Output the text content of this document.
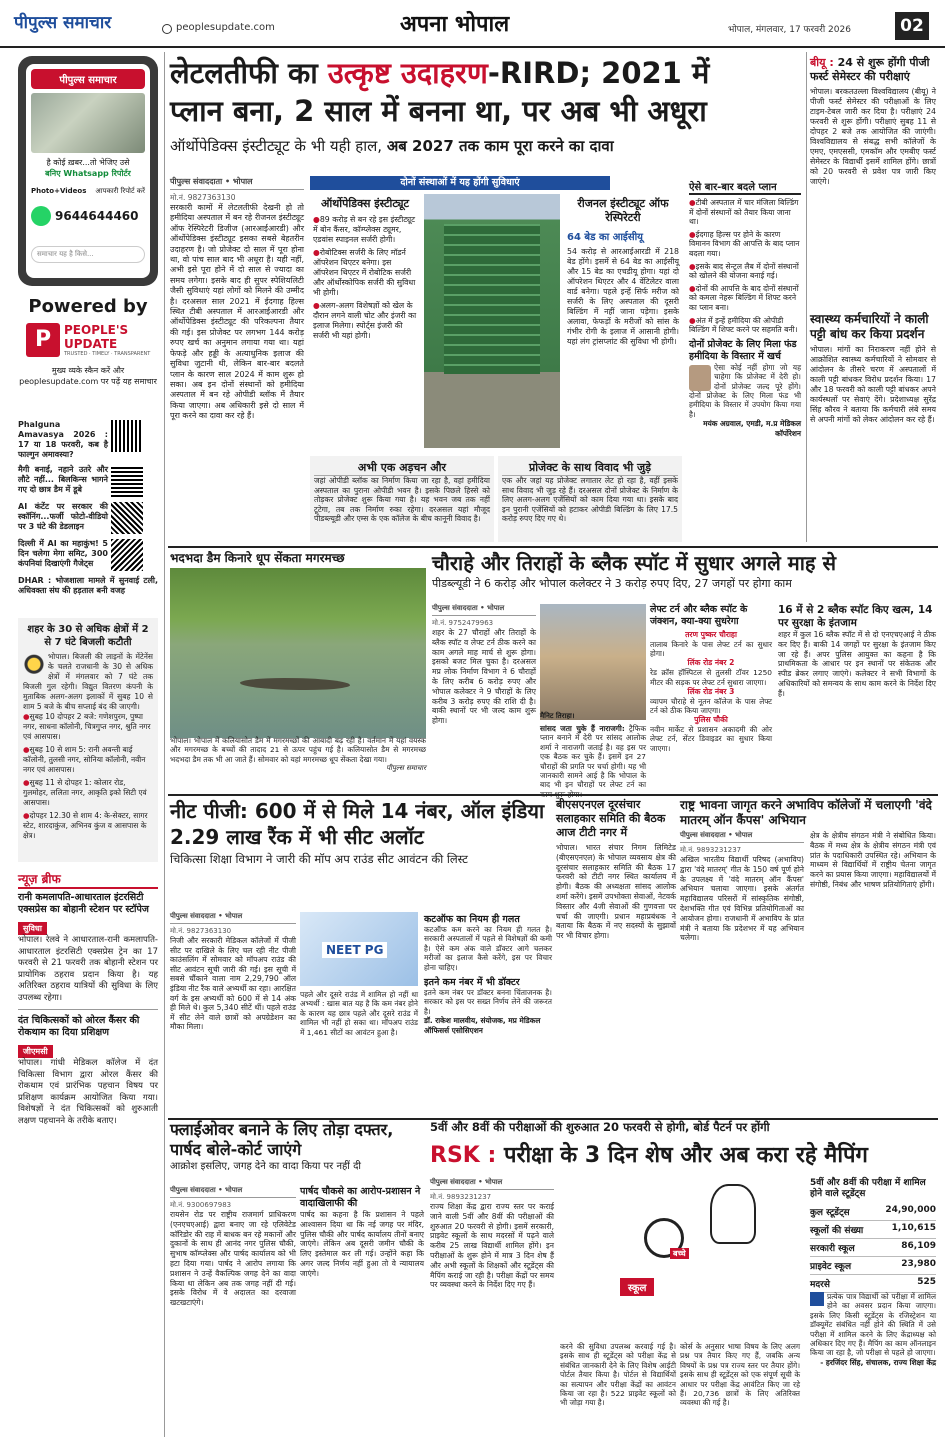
पीपुल्स समाचार	peoplesupdate.com	अपना भोपाल	भोपाल, मंगलवार, 17 फरवरी 2026	02
पीपुल्स समाचार
है कोई ख़बर...तो भेजिए उसे
बनिए Whatsapp रिपोर्टर
Photo+Videos आपकारी रिपोर्ट करें
9644644460
समाचार यह है किसे...
Powered by
P	PEOPLE'S
UPDATE
TRUSTED · TIMELY · TRANSPARENT
मुख्य व्यके स्कैन करें और peoplesupdate.com पर पढ़ें यह समाचार
Phalguna Amavasya 2026 : 17 या 18 फरवरी, कब है फाल्गुन अमावस्या?
मैगी बनाई, नहाने उतरे और लौटे नहीं... बिलकिन्स भागने गए दो छात्र डैम में डूबे
AI कंटेंट पर सरकार की स्कॉनिंग...फर्जी फोटो-वीडियो पर 3 घंटे की डेडलाइन
दिल्ली में AI का महाकुंभ! 5 दिन चलेगा मेगा समिट, 300 कंपनियां दिखाएंगी गैजेट्स
DHAR : भोजशाला मामले में सुनवाई टली, अधिवक्ता संघ की हड़ताल बनी वजह
शहर के 30 से अधिक क्षेत्रों में 2 से 7 घंटे बिजली कटौती
भोपाल। बिजली की लाइनों के मेंटेनेंस के चलते राजधानी के 30 से अधिक क्षेत्रों में मंगलवार को 7 घंटे तक बिजली गुल रहेगी। विद्युत वितरण कंपनी के मुताबिक अलग-अलग इलाकों में सुबह 10 से शाम 5 बजे के बीच सप्लाई बंद की जाएगी।
● सुबह 10 दोपहर 2 बजे: गणेशपुरम, पुष्पा नगर, साधना कॉलोनी, चित्रगुप्त नगर, श्रुति नगर एवं आसपास।
● सुबह 10 से शाम 5: रानी अवन्ती बाई कॉलोनी, तुलसी नगर, सोनिया कॉलोनी, नवीन नगर एवं आसपास।
● सुबह 11 से दोपहर 1: कोलार रोड, गुलमोहर, ललिता नगर, आकृति इको सिटी एवं आसपास।
● दोपहर 12.30 से शाम 4: के-सेक्टर, सागर स्टेट, शारदाकुंज, अभिनव कुंज व आसपास के क्षेत्र।
न्यूज़ ब्रीफ
रानी कमलापति-आधारताल इंटरसिटी एक्सप्रेस का बोहानी स्टेशन पर स्टॉपेज
सुविधा
भोपाल। रेलवे ने आधारताल-रानी कमलापति-आधारताल इंटरसिटी एक्सप्रेस ट्रेन का 17 फरवरी से 21 फरवरी तक बोहानी स्टेशन पर प्रायोगिक ठहराव प्रदान किया है। यह अतिरिक्त ठहराव यात्रियों की सुविधा के लिए उपलब्ध रहेगा।
दंत चिकित्सकों को ओरल कैंसर की रोकथाम का दिया प्रशिक्षण
जीएमसी
भोपाल। गांधी मेडिकल कॉलेज में दंत चिकित्सा विभाग द्वारा ओरल कैंसर की रोकथाम एवं प्रारंभिक पहचान विषय पर प्रशिक्षण कार्यक्रम आयोजित किया गया। विशेषज्ञों ने दंत चिकित्सकों को शुरुआती लक्षण पहचानने के तरीके बताए।
लेटलतीफी का उत्कृष्ट उदाहरण-RIRD; 2021 में
प्लान बना, 2 साल में बनना था, पर अब भी अधूरा
ऑर्थोपेडिक्स इंस्टीट्यूट के भी यही हाल, अब 2027 तक काम पूरा करने का दावा
पीपुल्स संवाददाता • भोपाल
मो.नं. 9827363130
सरकारी कामों में लेटलतीफी देखनी हो तो हमीदिया अस्पताल में बन रहे रीजनल इंस्टीट्यूट ऑफ रेस्पिरेटरी डिजीज (आरआईआरडी) और ऑर्थोपेडिक्स इंस्टीट्यूट इसका सबसे बेहतरीन उदाहरण है। जो प्रोजेक्ट दो साल में पूरा होना था, वो पांच साल बाद भी अधूरा है। यही नहीं, अभी इसे पूरा होने में दो साल से ज्यादा का समय लगेगा। इसके बाद ही सुपर स्पेशियलिटी जैसी सुविधाएं यहां लोगों को मिलने की उम्मीद है। दरअसल साल 2021 में ईदगाह हिल्स स्थित टीबी अस्पताल में आरआईआरडी और ऑर्थोपेडिक्स इंस्टीट्यूट की परिकल्पना तैयार की गई। इस प्रोजेक्ट पर लगभग 144 करोड़ रुपए खर्च का अनुमान लगाया गया था। यहां फेफड़े और हड्डी के अत्याधुनिक इलाज की सुविधा जुटानी थी, लेकिन बार-बार बदलते प्लान के कारण साल 2024 में काम शुरू हो सका। अब इन दोनों संस्थानों को हमीदिया अस्पताल में बन रहे ओपीडी ब्लॉक में तैयार किया जाएगा। अब अधिकारी इसे दो साल में पूरा करने का दावा कर रहे हैं।
दोनों संस्थाओं में यह होंगी सुविधाएं
ऑर्थोपेडिक्स इंस्टीट्यूट
● 89 करोड़ से बन रहे इस इंस्टीट्यूट में बोन कैंसर, कॉम्प्लेक्स ट्यूमर, एडवांस स्पाइनल सर्जरी होगी।
● रोबोटिक्स सर्जरी के लिए मॉडर्न ऑपरेशन थिएटर बनेगा। इस ऑपरेशन थिएटर में रोबोटिक सर्जरी और ऑर्थोस्कोपिक सर्जरी की सुविधा भी होगी।
● अलग-अलग विशेषज्ञों को खेल के दौरान लगने वाली चोट और इंजरी का इलाज मिलेगा। स्पोर्ट्स इंजरी की सर्जरी भी यहां होगी।
रीजनल इंस्टीट्यूट ऑफ रेस्पिरेटरी
64 बेड का आईसीयू
54 करोड़ से आरआईआरडी में 218 बेड होंगे। इसमें से 64 बेड का आईसीयू और 15 बेड का एचडीयू होगा। यहां दो ऑपरेशन थिएटर और 4 वेंटिलेटर वाला वार्ड बनेगा। पहले इन्हें सिर्फ मरीज को सर्जरी के लिए अस्पताल की दूसरी बिल्डिंग में नहीं जाना पड़ेगा। इसके अलावा, फेफड़ों के मरीजों को सांस के गंभीर रोगी के इलाज में आसानी होगी। यहां लंग ट्रांसप्लांट की सुविधा भी होगी।
अभी एक अड़चन और
जहां ओपीडी ब्लॉक का निर्माण किया जा रहा है, वहां हमीदिया अस्पताल का पुराना ओपीडी भवन है। इसके पिछले हिस्से को तोड़कर प्रोजेक्ट शुरू किया गया है। यह भवन जब तक नहीं टूटेगा, तब तक निर्माण रुका रहेगा। दरअसल यहां मौजूद पीडब्ल्यूडी और एम्स के एक कॉलेज के बीच कानूनी विवाद है।
प्रोजेक्ट के साथ विवाद भी जुड़े
एक और जहां यह प्रोजेक्ट लगातार लेट हो रहा है, वहीं इसके साथ विवाद भी जुड़ रहे हैं। दरअसल दोनों प्रोजेक्ट के निर्माण के लिए अलग-अलग एजेंसियों को काम दिया गया था। इसके बाद इन पुरानी एजेंसियों को हटाकर ओपीडी बिल्डिंग के लिए 17.5 करोड़ रुपए दिए गए थे।
ऐसे बार-बार बदले प्लान
● टीबी अस्पताल में चार मंजिला बिल्डिंग में दोनों संस्थानों को तैयार किया जाना था।
● ईदगाह हिल्स पर होने के कारण विमानन विभाग की आपत्ति के बाद प्लान बदला गया।
● इसके बाद सेन्ट्रल लैब में दोनों संस्थानों को खोलने की योजना बनाई गई।
● दोनों की आपत्ति के बाद दोनों संस्थानों को कमला नेहरू बिल्डिंग में शिफ्ट करने का प्लान बना।
● अंत में इन्हें हमीदिया की ओपीडी बिल्डिंग में शिफ्ट करने पर सहमति बनी।
दोनों प्रोजेक्ट के लिए मिला फंड हमीदिया के विस्तार में खर्च
ऐसा कोई नहीं होगा जो यह चाहेगा कि प्रोजेक्ट में देरी हो। दोनों प्रोजेक्ट जल्द पूरे होंगे। दोनों प्रोजेक्ट के लिए मिला फंड भी हमीदिया के विस्तार में उपयोग किया गया है।
मयंक अग्रवाल, एमडी, म.प्र मेडिकल कॉर्पोरेशन
बीयू : 24 से शुरू होंगी पीजी फर्स्ट सेमेस्टर की परीक्षाएं
भोपाल। बरकतउल्ला विश्वविद्यालय (बीयू) ने पीजी फर्स्ट सेमेस्टर की परीक्षाओं के लिए टाइम-टेबल जारी कर दिया है। परीक्षाएं 24 फरवरी से शुरू होंगी। परीक्षाएं सुबह 11 से दोपहर 2 बजे तक आयोजित की जाएंगी। विश्वविद्यालय से संबद्ध सभी कॉलेजों के एमए, एमएससी, एमकॉम और एमबीए फर्स्ट सेमेस्टर के विद्यार्थी इसमें शामिल होंगे। छात्रों को 20 फरवरी से प्रवेश पत्र जारी किए जाएंगे।
स्वास्थ्य कर्मचारियों ने काली पट्टी बांध कर किया प्रदर्शन
भोपाल। मांगों का निराकरण नहीं होने से आक्रोशित स्वास्थ्य कर्मचारियों ने सोमवार से आंदोलन के तीसरे चरण में अस्पतालों में काली पट्टी बांधकर विरोध प्रदर्शन किया। 17 और 18 फरवरी को काली पट्टी बांधकर अपने कार्यस्थलों पर सेवाएं देंगे। प्रदेशाध्यक्ष सुरेंद्र सिंह कौरव ने बताया कि कर्मचारी लंबे समय से अपनी मांगों को लेकर आंदोलन कर रहे हैं।
भदभदा डैम किनारे धूप सेंकता मगरमच्छ
भोपाल। भोपाल में कलियासोत डैम में मगरमच्छों की आबादी बढ़ रही है। वर्तमान में यहां वयस्क और मगरमच्छ के बच्चों की तादाद 21 से ऊपर पहुंच गई है। कलियासोत डैम से मगरमच्छ भदभदा डैम तक भी आ जाते हैं। सोमवार को यहां मगरमच्छ धूप सेंकता देखा गया।
पीपुल्स समाचार
चौराहे और तिराहों के ब्लैक स्पॉट में सुधार अगले माह से
पीडब्ल्यूडी ने 6 करोड़ और भोपाल कलेक्टर ने 3 करोड़ रुपए दिए, 27 जगहों पर होगा काम
पीपुल्स संवाददाता • भोपाल
मो.नं. 9752479963
शहर के 27 चौराहों और तिराहों के ब्लैक स्पॉट व लेफ्ट टर्न ठीक करने का काम अगले माह मार्च से शुरू होगा। इसको बजट मिल चुका है। दरअसल मप्र लोक निर्माण विभाग ने 6 चौराहों के लिए करीब 6 करोड़ रुपए और भोपाल कलेक्टर ने 9 चौराहों के लिए करीब 3 करोड़ रुपए की राशि दी है। बाकी स्थानों पर भी जल्द काम शुरू होगा।
मैनिट तिराहा।
सांसद जता चुके हैं नाराजगी: ट्रैफिक प्लान बनाने में देरी पर सांसद आलोक शर्मा ने नाराजगी जताई है। वह इस पर एक बैठक कर चुके हैं। इसमें इन 27 चौराहों की प्रगति पर चर्चा होगी। यह भी जानकारी सामने आई है कि भोपाल के बाद भी इन चौराहों पर लेफ्ट टर्न का
लेफ्ट टर्न और ब्लैक स्पॉट के जंक्शन, क्या-क्या सुधरेगा
तरण पुष्कर चौराहा
तालाब किनारे के पास लेफ्ट टर्न का सुधार होगा।
लिंक रोड नंबर 2
रेड क्रॉस हॉस्पिटल से तुलसी टॉवर 1250 मीटर की सड़क पर लेफ्ट टर्न सुधारा जाएगा।
लिंक रोड नंबर 3
व्यापम चौराहे से नूतन कॉलेज के पास लेफ्ट टर्न को ठीक किया जाएगा।
पुलिस चौकी
नवीन मार्केट से प्रशासन अकादमी की ओर लेफ्ट टर्न, सेंटर डिवाइडर का सुधार किया जाएगा।
16 में से 2 ब्लैक स्पॉट किए खत्म, 14 पर सुरक्षा के इंतजाम
शहर में कुल 16 ब्लैक स्पॉट में से दो एनएचएआई ने ठीक कर दिए हैं। बाकी 14 जगहों पर सुरक्षा के इंतजाम किए जा रहे हैं। अपर पुलिस आयुक्त का कहना है कि प्राथमिकता के आधार पर इन स्थानों पर संकेतक और स्पीड ब्रेकर लगाए जाएंगे। कलेक्टर ने सभी विभागों के अधिकारियों को समन्वय के साथ काम करने के निर्देश दिए हैं।
नीट पीजी: 600 में से मिले 14 नंबर, ऑल इंडिया 2.29 लाख रैंक में भी सीट अलॉट
चिकित्सा शिक्षा विभाग ने जारी की मॉप अप राउंड सीट आवंटन की लिस्ट
पीपुल्स संवाददाता • भोपाल
मो.नं. 9827363130
निजी और सरकारी मेडिकल कॉलेजों में पीजी सीट पर दाखिले के लिए चल रही नीट पीजी काउंसलिंग में सोमवार को मॉपअप राउंड की सीट आवंटन सूची जारी की गई। इस सूची में सबसे चौंकाने वाला नाम 2,29,790 ऑल इंडिया नीट रैंक वाले अभ्यर्थी का रहा। आरक्षित वर्ग के इस अभ्यर्थी को 600 में से 14 अंक ही मिले थे। कुल 5,340 सीटें थीं। पहले राउंड में सीट लेने वाले छात्रों को अपग्रेडेशन का मौका मिला।
NEET PG
पहले और दूसरे राउंड में शामिल हो नहीं था अभ्यर्थी : खास बात यह है कि कम नंबर होने के कारण यह छात्र पहले और दूसरे राउंड में शामिल भी नहीं हो सका था। मॉपअप राउंड में 1,461 सीटों का आवंटन हुआ है।
कटऑफ का नियम ही गलत
कटऑफ कम करने का नियम ही गलत है। सरकारी अस्पतालों में पहले से विशेषज्ञों की कमी है। ऐसे कम अंक वाले डॉक्टर आगे चलकर मरीजों का इलाज कैसे करेंगे, इस पर विचार होना चाहिए।
इतने कम नंबर में भी डॉक्टर
इतने कम नंबर पर डॉक्टर बनना चिंताजनक है। सरकार को इस पर सख्त निर्णय लेने की जरूरत है।
डॉ. राकेश मालवीय, संयोजक, मप्र मेडिकल ऑफिसर्स एसोसिएशन
बीएसएनएल दूरसंचार सलाहकार समिति की बैठक आज टीटी नगर में
भोपाल। भारत संचार निगम लिमिटेड (बीएसएनएल) के भोपाल व्यवसाय क्षेत्र की दूरसंचार सलाहकार समिति की बैठक 17 फरवरी को टीटी नगर स्थित कार्यालय में होगी। बैठक की अध्यक्षता सांसद आलोक शर्मा करेंगे। इसमें उपभोक्ता सेवाओं, नेटवर्क विस्तार और 4जी सेवाओं की गुणवत्ता पर चर्चा की जाएगी। प्रधान महाप्रबंधक ने बताया कि बैठक में नए सदस्यों के सुझावों पर भी विचार होगा।
राष्ट्र भावना जागृत करने अभाविप कॉलेजों में चलाएगी 'वंदे मातरम् ऑन कैंपस' अभियान
पीपुल्स संवाददाता • भोपाल
मो.नं. 9893231237
अखिल भारतीय विद्यार्थी परिषद (अभाविप) द्वारा 'वंदे मातरम्' गीत के 150 वर्ष पूर्ण होने के उपलक्ष्य में 'वंदे मातरम् ऑन कैंपस' अभियान चलाया जाएगा। इसके अंतर्गत महाविद्यालय परिसरों में सांस्कृतिक संगोष्ठी, देशभक्ति गीत एवं विभिन्न प्रतियोगिताओं का आयोजन होगा। राजधानी में अभाविप के प्रांत मंत्री ने बताया कि प्रदेशभर में यह अभियान चलेगा।
क्षेत्र के क्षेत्रीय संगठन मंत्री ने संबोधित किया। बैठक में मध्य क्षेत्र के क्षेत्रीय संगठन मंत्री एवं प्रांत के पदाधिकारी उपस्थित रहे। अभियान के माध्यम से विद्यार्थियों में राष्ट्रीय चेतना जागृत करने का प्रयास किया जाएगा। महाविद्यालयों में संगोष्ठी, निबंध और भाषण प्रतियोगिताएं होंगी।
फ्लाईओवर बनाने के लिए तोड़ा दफ्तर, पार्षद बोले-कोर्ट जाएंगे
आक्रोश इसलिए, जगह देने का वादा किया पर नहीं दी
पीपुल्स संवाददाता • भोपाल
मो.नं. 9300697983
रायसेन रोड पर राष्ट्रीय राजमार्ग प्राधिकरण (एनएचएआई) द्वारा बनाए जा रहे एलिवेटेड कॉरिडोर की राह में बाधक बन रहे मकानों और दुकानों के साथ ही आनंद नगर पुलिस चौकी, सुभाष कॉम्प्लेक्स और पार्षद कार्यालय को भी हटा दिया गया। पार्षद ने आरोप लगाया कि प्रशासन ने उन्हें वैकल्पिक जगह देने का वादा किया था लेकिन अब तक जगह नहीं दी गई। इसके विरोध में वे अदालत का दरवाजा खटखटाएंगे।
पार्षद चौकसे का आरोप-प्रशासन ने वादाखिलाफी की
पार्षद का कहना है कि प्रशासन ने पहले आश्वासन दिया था कि नई जगह पर मंदिर, पुलिस चौकी और पार्षद कार्यालय तीनों बनाए जाएंगे। लेकिन अब दूसरी जमीन चौकी के लिए इस्तेमाल कर ली गई। उन्होंने कहा कि अगर जल्द निर्णय नहीं हुआ तो वे न्यायालय जाएंगे।
5वीं और 8वीं की परीक्षाओं की शुरुआत 20 फरवरी से होगी, बोर्ड पैटर्न पर होंगी
RSK : परीक्षा के 3 दिन शेष और अब करा रहे मैपिंग
पीपुल्स संवाददाता • भोपाल
मो.नं. 9893231237
राज्य शिक्षा केंद्र द्वारा राज्य स्तर पर कराई जाने वाली 5वीं और 8वीं की परीक्षाओं की शुरुआत 20 फरवरी से होगी। इसमें सरकारी, प्राइवेट स्कूलों के साथ मदरसों में पढ़ने वाले करीब 25 लाख विद्यार्थी शामिल होंगे। इन परीक्षाओं के शुरू होने में मात्र 3 दिन शेष हैं और अभी स्कूलों के शिक्षकों और स्टूडेंट्स की मैपिंग कराई जा रही है। परीक्षा केंद्रों पर समय पर व्यवस्था करने के निर्देश दिए गए हैं।	स्कूल
बच्चे
करने की सुविधा उपलब्ध करवाई गई है। इसके साथ ही स्टूडेंट्स को परीक्षा केंद्र से संबंधित जानकारी देने के लिए विशेष आईटी पोर्टल तैयार किया है। पोर्टल से विद्यार्थियों का सत्यापन और परीक्षा केंद्रों का आवंटन किया जा रहा है। 522 प्राइवेट स्कूलों को भी जोड़ा गया है।
कोर्स के अनुसार भाषा विषय के लिए अलग प्रश्न पत्र तैयार किए गए हैं, जबकि अन्य विषयों के प्रश्न पत्र राज्य स्तर पर तैयार होंगे। इसके साथ ही स्टूडेंट्स को एक संपूर्ण सूची के आधार पर परीक्षा केंद्र आवंटित किए जा रहे हैं। 20,736 छात्रों के लिए अतिरिक्त व्यवस्था की गई है।
5वीं और 8वीं की परीक्षा में शामिल होने वाले स्टूडेंट्स
कुल स्टूडेंट्स	24,90,000
स्कूलों की संख्या	1,10,615
सरकारी स्कूल	86,109
प्राइवेट स्कूल	23,980
मदरसे	525
प्रत्येक पात्र विद्यार्थी को परीक्षा में शामिल होने का अवसर प्रदान किया जाएगा। इसके लिए किसी स्टूडेंट्स के रजिस्ट्रेशन या डॉक्यूमेंट संबंधित नहीं होने की स्थिति में उसे परीक्षा में शामिल करने के लिए केंद्राध्यक्ष को अधिकार दिए गए हैं। मैपिंग का काम ऑनलाइन किया जा रहा है, जो परीक्षा से पहले हो जाएगा।
- हरजिंदर सिंह, संचालक, राज्य शिक्षा केंद्र
